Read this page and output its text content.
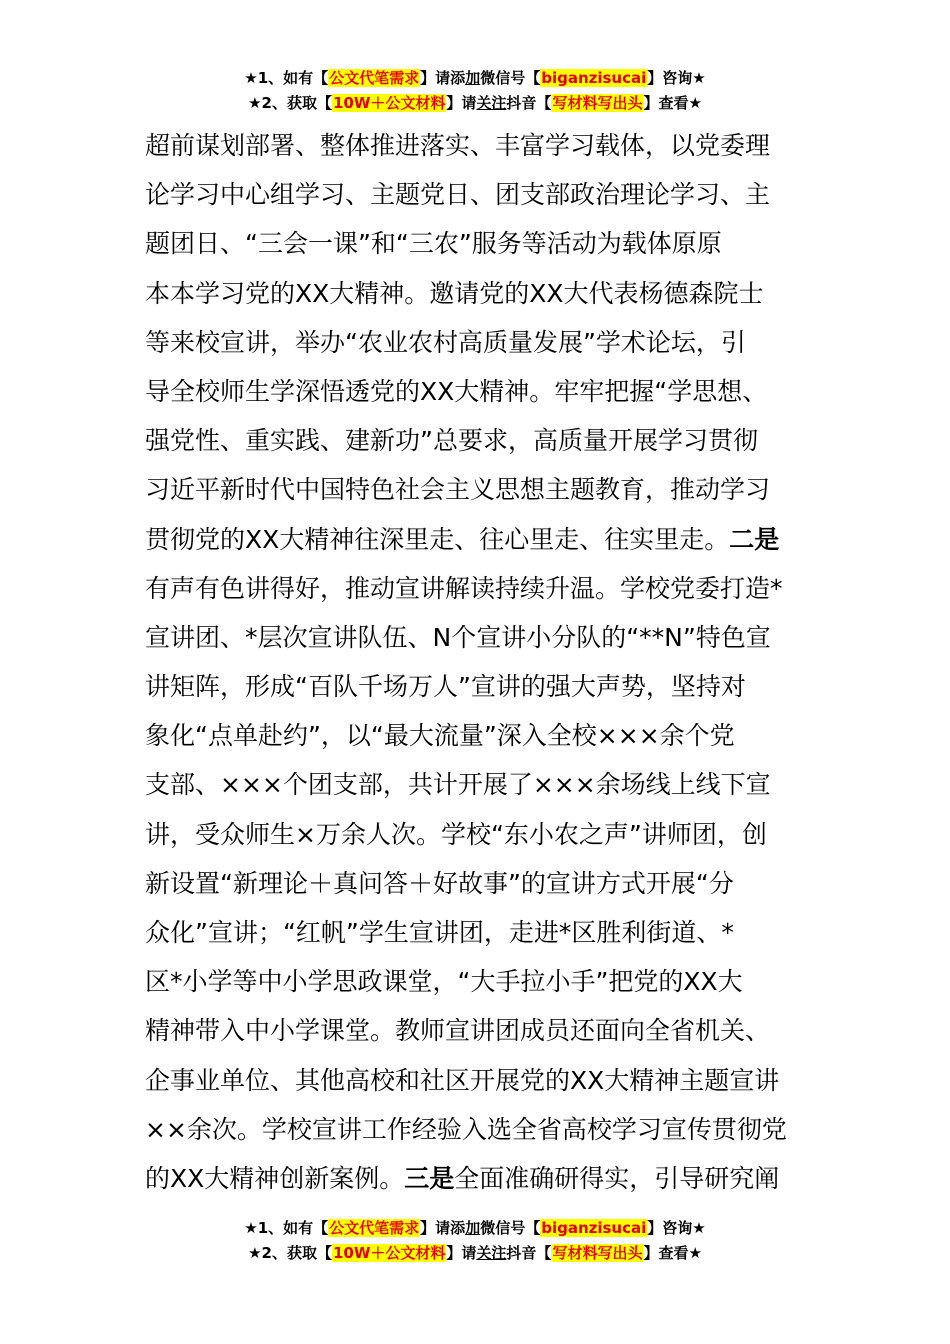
★1、如有【公文代笔需求】请添加微信号【biganzisucai】咨询★
★2、获取【10W＋公文材料】请关注抖音【写材料写出头】查看★
超前谋划部署、整体推进落实、丰富学习载体，以党委理
论学习中心组学习、主题党日、团支部政治理论学习、主
题团日、“三会一课”和“三农”服务等活动为载体原原
本本学习党的XX大精神。邀请党的XX大代表杨德森院士
等来校宣讲，举办“农业农村高质量发展”学术论坛，引
导全校师生学深悟透党的XX大精神。牢牢把握“学思想、
强党性、重实践、建新功”总要求，高质量开展学习贯彻
习近平新时代中国特色社会主义思想主题教育，推动学习
贯彻党的XX大精神往深里走、往心里走、往实里走。二是
有声有色讲得好，推动宣讲解读持续升温。学校党委打造*
宣讲团、*层次宣讲队伍、N个宣讲小分队的“**N”特色宣
讲矩阵，形成“百队千场万人”宣讲的强大声势，坚持对
象化“点单赴约”，以“最大流量”深入全校×××余个党
支部、×××个团支部，共计开展了×××余场线上线下宣
讲，受众师生×万余人次。学校“东小农之声”讲师团，创
新设置“新理论＋真问答＋好故事”的宣讲方式开展“分
众化”宣讲；“红帆”学生宣讲团，走进*区胜利街道、*
区*小学等中小学思政课堂，“大手拉小手”把党的XX大
精神带入中小学课堂。教师宣讲团成员还面向全省机关、
企事业单位、其他高校和社区开展党的XX大精神主题宣讲
××余次。学校宣讲工作经验入选全省高校学习宣传贯彻党
的XX大精神创新案例。三是全面准确研得实，引导研究阐
★1、如有【公文代笔需求】请添加微信号【biganzisucai】咨询★
★2、获取【10W＋公文材料】请关注抖音【写材料写出头】查看★
